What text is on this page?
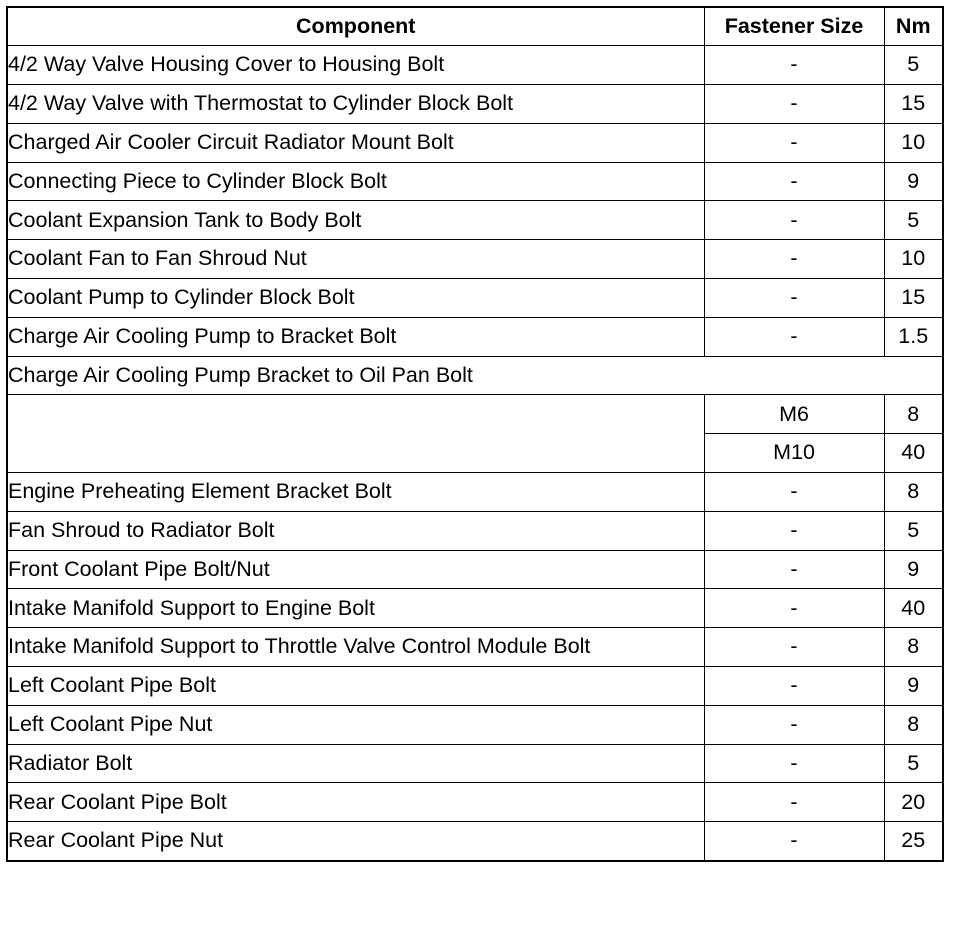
Component	Fastener Size	Nm
4/2 Way Valve Housing Cover to Housing Bolt	-	5
4/2 Way Valve with Thermostat to Cylinder Block Bolt	-	15
Charged Air Cooler Circuit Radiator Mount Bolt	-	10
Connecting Piece to Cylinder Block Bolt	-	9
Coolant Expansion Tank to Body Bolt	-	5
Coolant Fan to Fan Shroud Nut	-	10
Coolant Pump to Cylinder Block Bolt	-	15
Charge Air Cooling Pump to Bracket Bolt	-	1.5
Charge Air Cooling Pump Bracket to Oil Pan Bolt		
	M6	8
	M10	40
Engine Preheating Element Bracket Bolt	-	8
Fan Shroud to Radiator Bolt	-	5
Front Coolant Pipe Bolt/Nut	-	9
Intake Manifold Support to Engine Bolt	-	40
Intake Manifold Support to Throttle Valve Control Module Bolt	-	8
Left Coolant Pipe Bolt	-	9
Left Coolant Pipe Nut	-	8
Radiator Bolt	-	5
Rear Coolant Pipe Bolt	-	20
Rear Coolant Pipe Nut	-	25
